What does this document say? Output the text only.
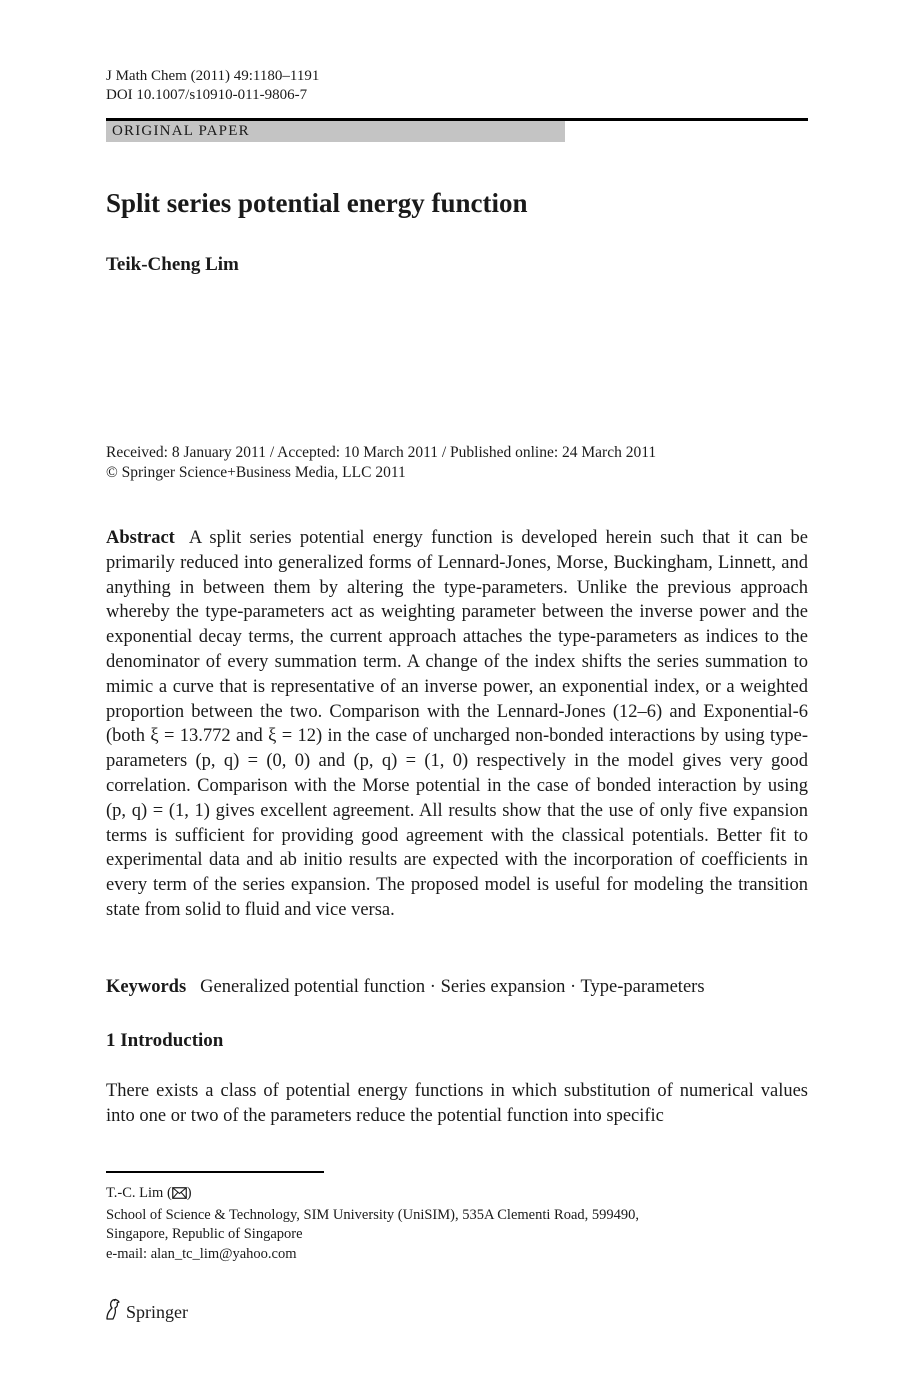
J Math Chem (2011) 49:1180–1191
DOI 10.1007/s10910-011-9806-7
ORIGINAL PAPER
Split series potential energy function
Teik-Cheng Lim
Received: 8 January 2011 / Accepted: 10 March 2011 / Published online: 24 March 2011
© Springer Science+Business Media, LLC 2011

Abstract A split series potential energy function is developed herein such that it can be primarily reduced into generalized forms of Lennard-Jones, Morse, Buckingham, Linnett, and anything in between them by altering the type-parameters. Unlike the previous approach whereby the type-parameters act as weighting parameter between the inverse power and the exponential decay terms, the current approach attaches the type-parameters as indices to the denominator of every summation term. A change of the index shifts the series summation to mimic a curve that is representative of an inverse power, an exponential index, or a weighted proportion between the two. Comparison with the Lennard-Jones (12–6) and Exponential-6 (both ξ = 13.772 and ξ = 12) in the case of uncharged non-bonded interactions by using type-parameters (p, q) = (0, 0) and (p, q) = (1, 0) respectively in the model gives very good correlation. Comparison with the Morse potential in the case of bonded interaction by using (p, q) = (1, 1) gives excellent agreement. All results show that the use of only five expansion terms is sufficient for providing good agreement with the classical potentials. Better fit to experimental data and ab initio results are expected with the incorporation of coefficients in every term of the series expansion. The proposed model is useful for modeling the transition state from solid to fluid and vice versa.

Keywords Generalized potential function · Series expansion · Type-parameters
1 Introduction

There exists a class of potential energy functions in which substitution of numerical values into one or two of the parameters reduce the potential function into specific

T.-C. Lim ( )
School of Science & Technology, SIM University (UniSIM), 535A Clementi Road, 599490,
Singapore, Republic of Singapore
e-mail: alan_tc_lim@yahoo.com
Springer
